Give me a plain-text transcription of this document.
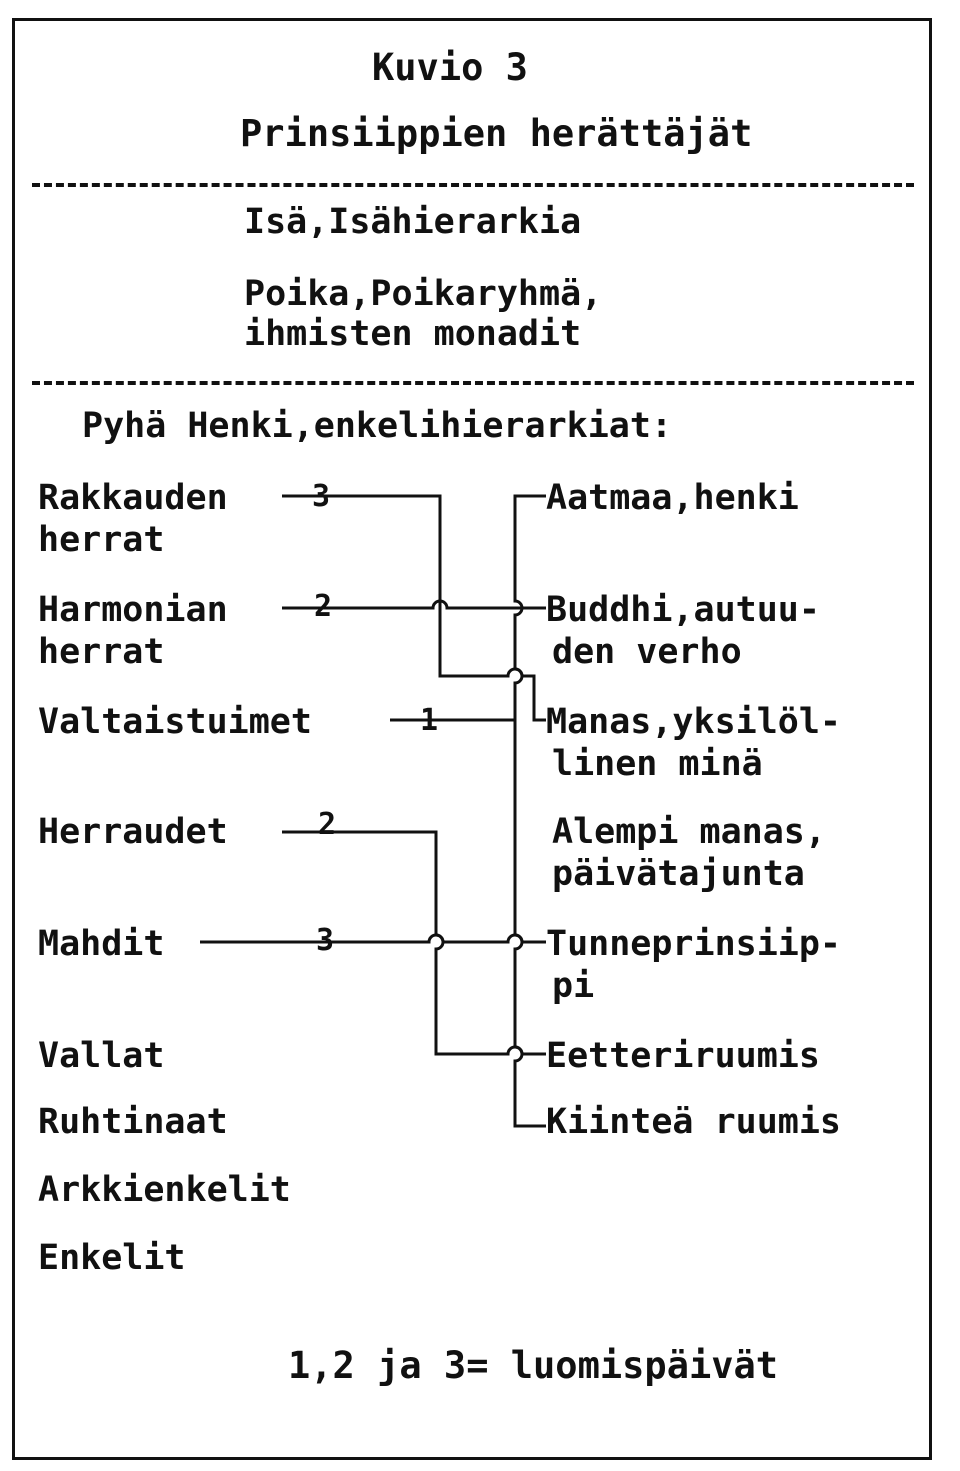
Kuvio 3
Prinsiippien herättäjät
Isä,Isähierarkia
Poika,Poikaryhmä,
ihmisten monadit
Pyhä Henki,enkelihierarkiat:
Rakkauden
herrat
Harmonian
herrat
Valtaistuimet
Herraudet
Mahdit
Vallat
Ruhtinaat
Arkkienkelit
Enkelit
Aatmaa,henki
Buddhi,autuu-
den verho
Manas,yksilöl-
linen minä
Alempi manas,
päivätajunta
Tunneprinsiip-
pi
Eetteriruumis
Kiinteä ruumis
3
2
1
2
3
1,2 ja 3= luomispäivät
